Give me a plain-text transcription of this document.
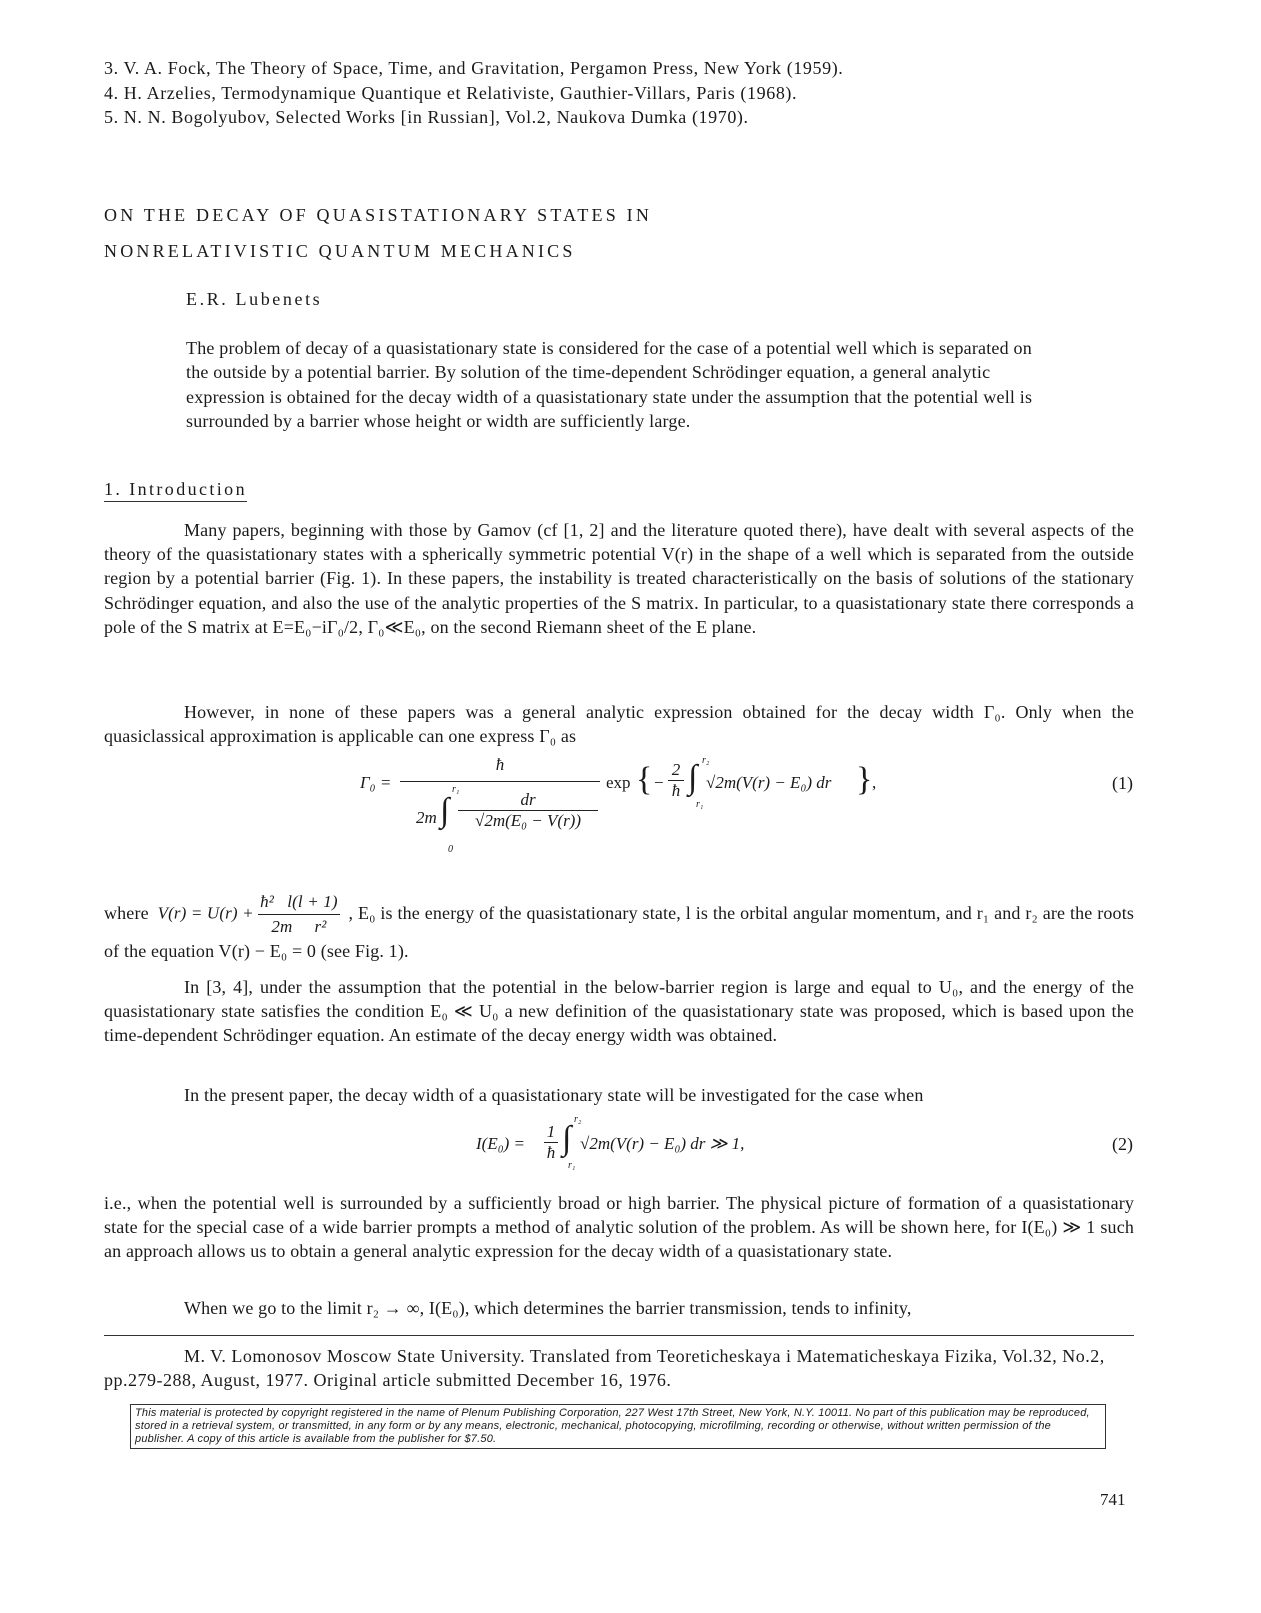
3. V. A. Fock, The Theory of Space, Time, and Gravitation, Pergamon Press, New York (1959).
4. H. Arzelies, Termodynamique Quantique et Relativiste, Gauthier-Villars, Paris (1968).
5. N. N. Bogolyubov, Selected Works [in Russian], Vol.2, Naukova Dumka (1970).
ON THE DECAY OF QUASISTATIONARY STATES IN
NONRELATIVISTIC QUANTUM MECHANICS
E.R. Lubenets
The problem of decay of a quasistationary state is considered for the case of a potential well which is separated on the outside by a potential barrier. By solution of the time-dependent Schrödinger equation, a general analytic expression is obtained for the decay width of a quasistationary state under the assumption that the potential well is surrounded by a barrier whose height or width are sufficiently large.
1. Introduction
Many papers, beginning with those by Gamov (cf [1, 2] and the literature quoted there), have dealt with several aspects of the theory of the quasistationary states with a spherically symmetric potential V(r) in the shape of a well which is separated from the outside region by a potential barrier (Fig. 1). In these papers, the instability is treated characteristically on the basis of solutions of the stationary Schrödinger equation, and also the use of the analytic properties of the S matrix. In particular, to a quasistationary state there corresponds a pole of the S matrix at E=E₀−iΓ₀/2, Γ₀≪E₀, on the second Riemann sheet of the E plane.
However, in none of these papers was a general analytic expression obtained for the decay width Γ₀. Only when the quasiclassical approximation is applicable can one express Γ₀ as
Γ₀ =
ħ
2m ∫
r₁
0
dr
√2m(E₀ − V(r))
exp { −
2
ħ ∫ r₂
r₁
√2m(V(r) − E₀) dr } ,	(1)
where $V(r) = U(r) + \frac{\text{ħ²   l(l + 1)}}{\text{2m     r²}}$ , E₀ is the energy of the quasistationary state, l is the orbital angular momentum, and r₁ and r₂ are the roots of the equation V(r) − E₀ = 0 (see Fig. 1).
In [3, 4], under the assumption that the potential in the below-barrier region is large and equal to U₀, and the energy of the quasistationary state satisfies the condition E₀ ≪ U₀ a new definition of the quasistationary state was proposed, which is based upon the time-dependent Schrödinger equation. An estimate of the decay energy width was obtained.
In the present paper, the decay width of a quasistationary state will be investigated for the case when
I(E₀) =
1
ħ ∫
r₂
r₁
√2m(V(r) − E₀) dr ≫ 1,	(2)
i.e., when the potential well is surrounded by a sufficiently broad or high barrier. The physical picture of formation of a quasistationary state for the special case of a wide barrier prompts a method of analytic solution of the problem. As will be shown here, for I(E₀) ≫ 1 such an approach allows us to obtain a general analytic expression for the decay width of a quasistationary state.
When we go to the limit r₂ → ∞, I(E₀), which determines the barrier transmission, tends to infinity,
M. V. Lomonosov Moscow State University. Translated from Teoreticheskaya i Matematicheskaya Fizika, Vol.32, No.2, pp.279-288, August, 1977. Original article submitted December 16, 1976.
This material is protected by copyright registered in the name of Plenum Publishing Corporation, 227 West 17th Street, New York, N.Y. 10011. No part of this publication may be reproduced, stored in a retrieval system, or transmitted, in any form or by any means, electronic, mechanical, photocopying, microfilming, recording or otherwise, without written permission of the publisher. A copy of this article is available from the publisher for $7.50.
741
